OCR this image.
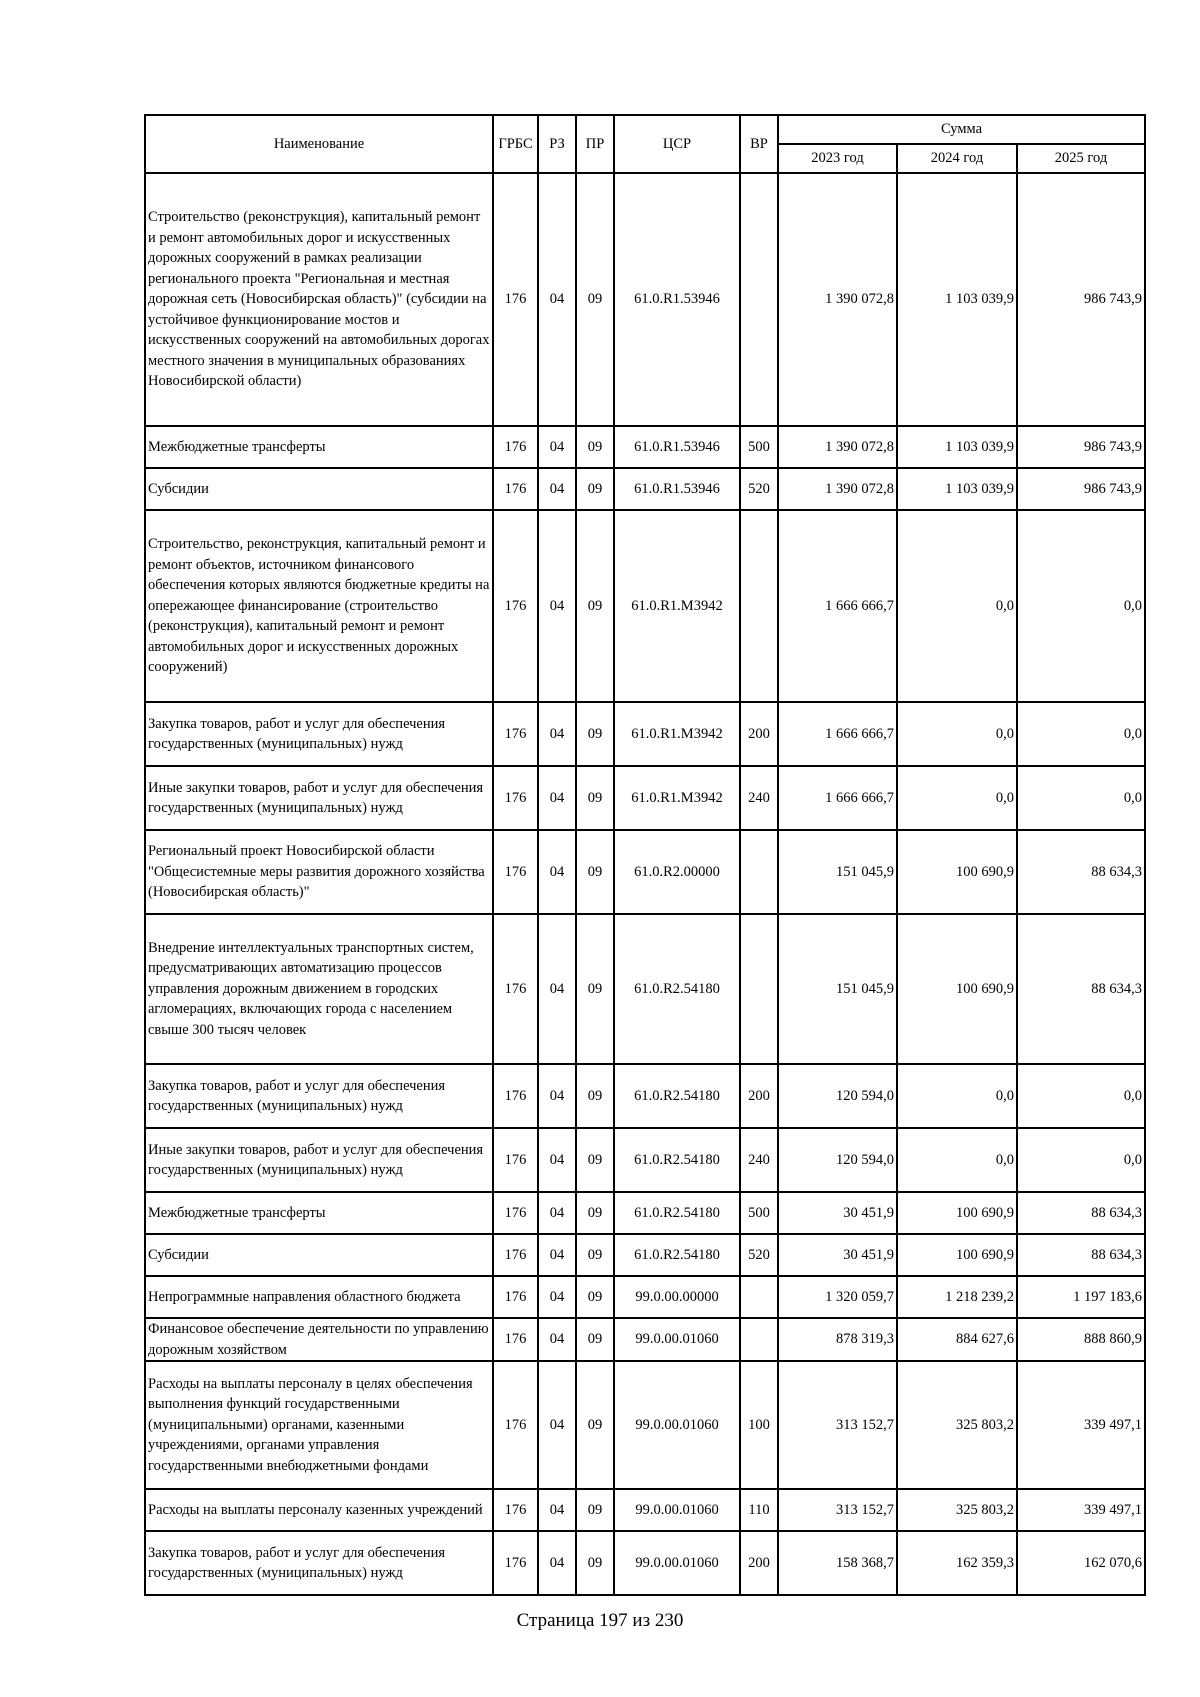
Наименование	ГРБС	РЗ	ПР	ЦСР	ВР	Сумма		
						2023 год	2024 год	2025 год
Строительство (реконструкция), капитальный ремонт и ремонт автомобильных дорог и искусственных дорожных сооружений в рамках реализации регионального проекта "Региональная и местная дорожная сеть (Новосибирская область)" (субсидии на устойчивое функционирование мостов и искусственных сооружений на автомобильных дорогах местного значения в муниципальных образованиях Новосибирской области)	176	04	09	61.0.R1.53946		1 390 072,8	1 103 039,9	986 743,9
Межбюджетные трансферты	176	04	09	61.0.R1.53946	500	1 390 072,8	1 103 039,9	986 743,9
Субсидии	176	04	09	61.0.R1.53946	520	1 390 072,8	1 103 039,9	986 743,9
Строительство, реконструкция, капитальный ремонт и ремонт объектов, источником финансового обеспечения которых являются бюджетные кредиты на опережающее финансирование (строительство (реконструкция), капитальный ремонт и ремонт автомобильных дорог и искусственных дорожных сооружений)	176	04	09	61.0.R1.M3942		1 666 666,7	0,0	0,0
Закупка товаров, работ и услуг для обеспечения государственных (муниципальных) нужд	176	04	09	61.0.R1.M3942	200	1 666 666,7	0,0	0,0
Иные закупки товаров, работ и услуг для обеспечения государственных (муниципальных) нужд	176	04	09	61.0.R1.M3942	240	1 666 666,7	0,0	0,0
Региональный проект Новосибирской области "Общесистемные меры развития дорожного хозяйства (Новосибирская область)"	176	04	09	61.0.R2.00000		151 045,9	100 690,9	88 634,3
Внедрение интеллектуальных транспортных систем, предусматривающих автоматизацию процессов управления дорожным движением в городских агломерациях, включающих города с населением свыше 300 тысяч человек	176	04	09	61.0.R2.54180		151 045,9	100 690,9	88 634,3
Закупка товаров, работ и услуг для обеспечения государственных (муниципальных) нужд	176	04	09	61.0.R2.54180	200	120 594,0	0,0	0,0
Иные закупки товаров, работ и услуг для обеспечения государственных (муниципальных) нужд	176	04	09	61.0.R2.54180	240	120 594,0	0,0	0,0
Межбюджетные трансферты	176	04	09	61.0.R2.54180	500	30 451,9	100 690,9	88 634,3
Субсидии	176	04	09	61.0.R2.54180	520	30 451,9	100 690,9	88 634,3
Непрограммные направления областного бюджета	176	04	09	99.0.00.00000		1 320 059,7	1 218 239,2	1 197 183,6
Финансовое обеспечение деятельности по управлению дорожным хозяйством	176	04	09	99.0.00.01060		878 319,3	884 627,6	888 860,9
Расходы на выплаты персоналу в целях обеспечения выполнения функций государственными (муниципальными) органами, казенными учреждениями, органами управления государственными внебюджетными фондами	176	04	09	99.0.00.01060	100	313 152,7	325 803,2	339 497,1
Расходы на выплаты персоналу казенных учреждений	176	04	09	99.0.00.01060	110	313 152,7	325 803,2	339 497,1
Закупка товаров, работ и услуг для обеспечения государственных (муниципальных) нужд	176	04	09	99.0.00.01060	200	158 368,7	162 359,3	162 070,6
Страница 197 из 230
